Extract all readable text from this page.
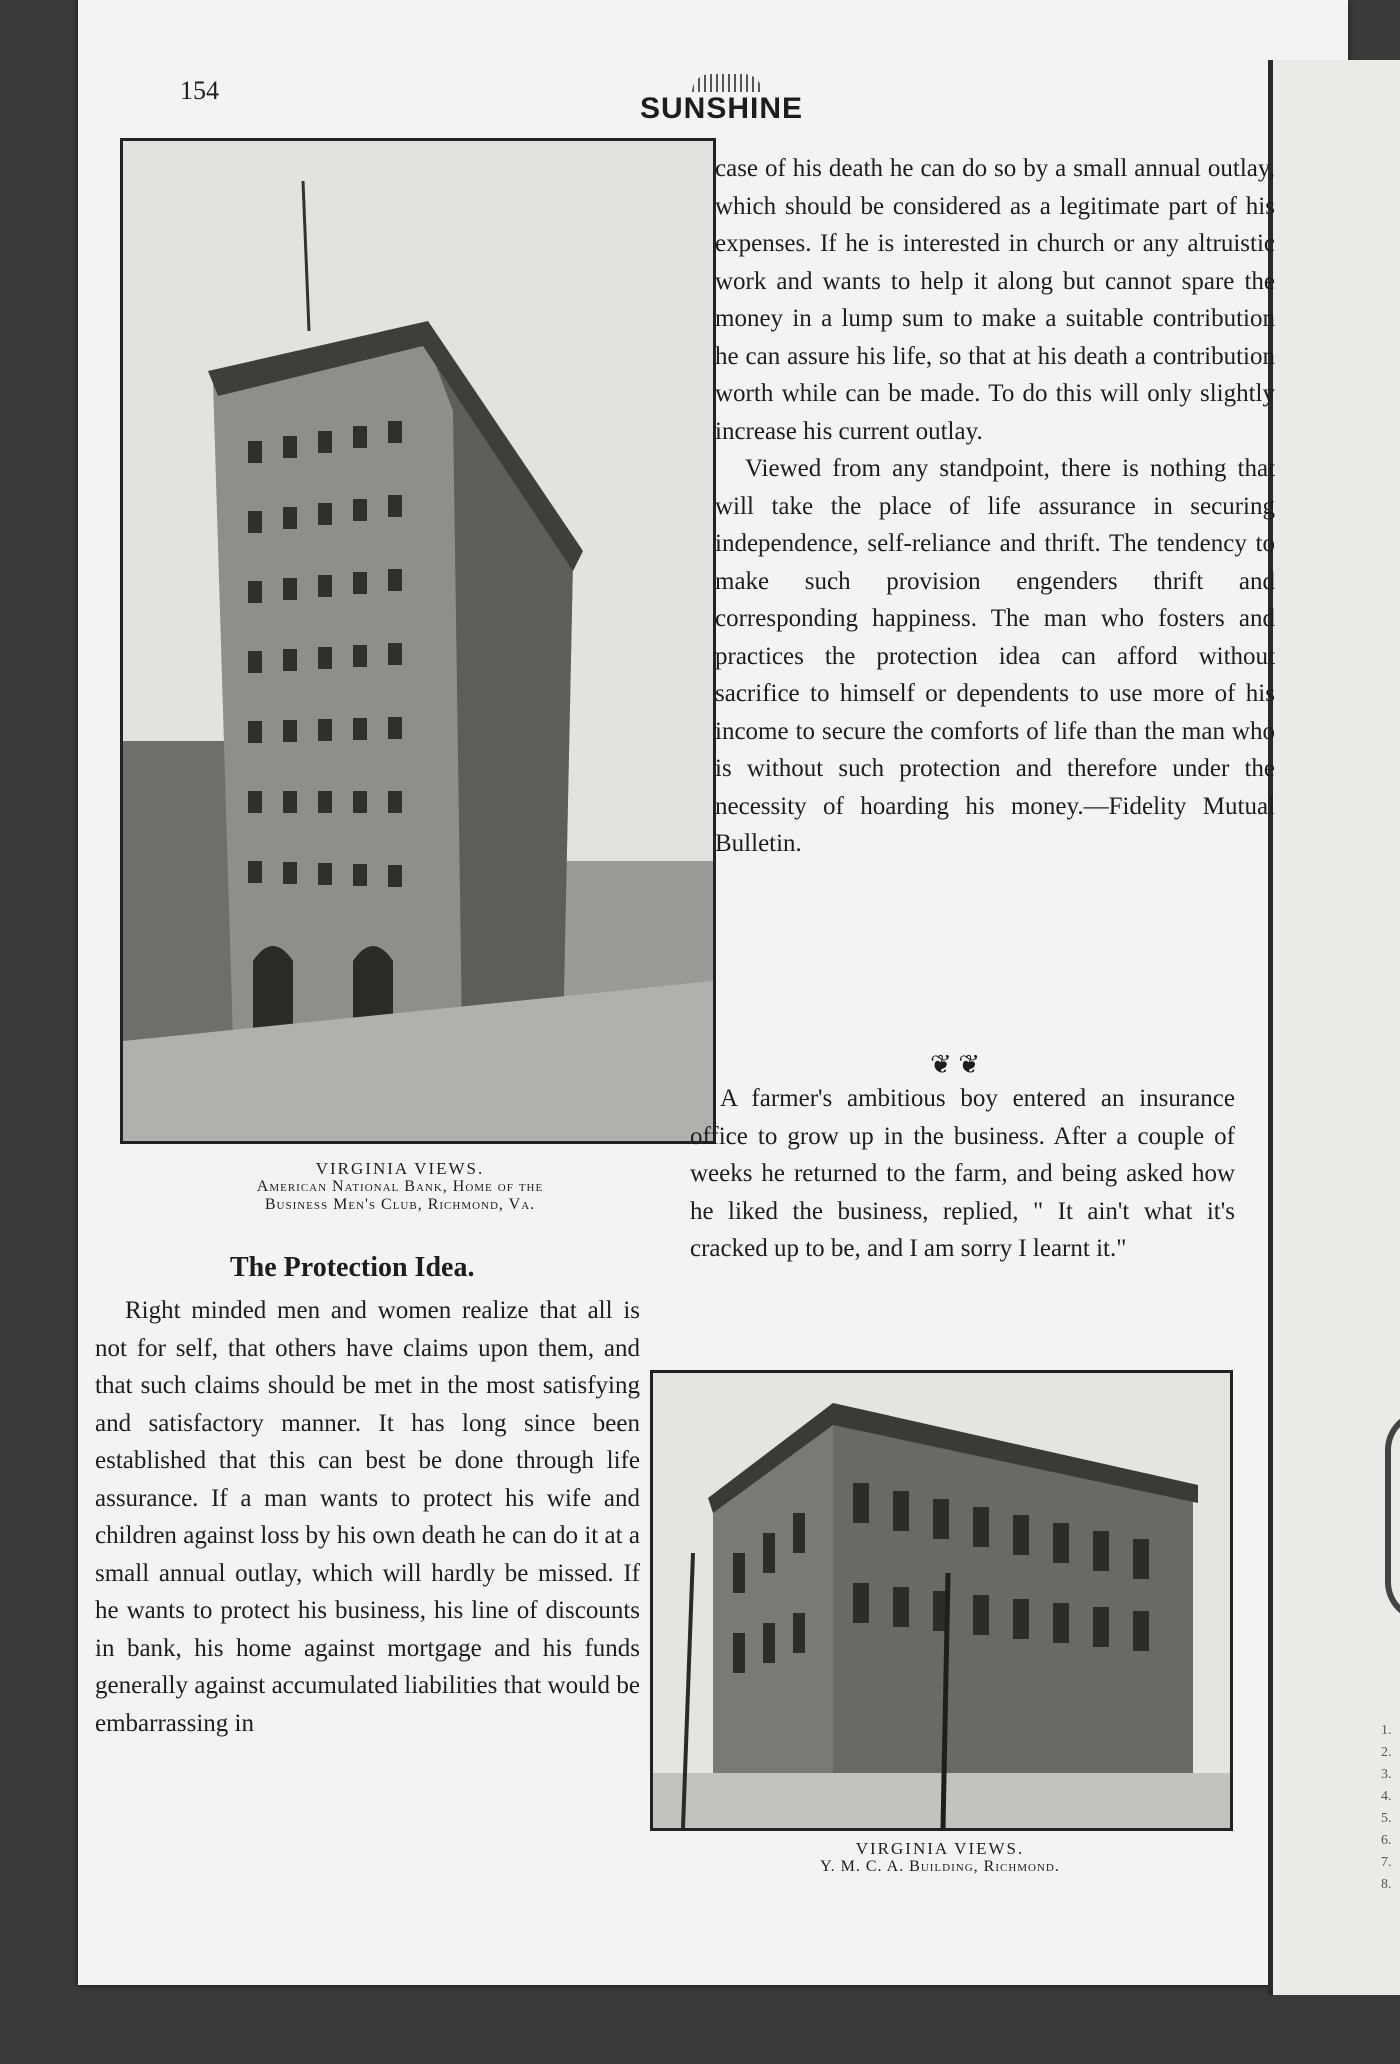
1.
2.
3.
4.
5.
6.
7.
8.
154
SUNSHINE
VIRGINIA VIEWS.
American National Bank, Home of the
Business Men's Club, Richmond, Va.
The Protection Idea.

Right minded men and women realize that all is not for self, that others have claims upon them, and that such claims should be met in the most satisfying and satisfactory manner. It has long since been established that this can best be done through life assurance. If a man wants to protect his wife and children against loss by his own death he can do it at a small annual outlay, which will hardly be missed. If he wants to protect his business, his line of discounts in bank, his home against mortgage and his funds generally against accumulated liabilities that would be embarrassing in

case of his death he can do so by a small annual outlay, which should be considered as a legitimate part of his expenses. If he is interested in church or any altruistic work and wants to help it along but cannot spare the money in a lump sum to make a suitable contribution he can assure his life, so that at his death a contribution worth while can be made. To do this will only slightly increase his current outlay.

Viewed from any standpoint, there is nothing that will take the place of life assurance in securing independence, self-reliance and thrift. The tendency to make such provision engenders thrift and corresponding happiness. The man who fosters and practices the protection idea can afford without sacrifice to himself or dependents to use more of his income to secure the comforts of life than the man who is without such protection and therefore under the necessity of hoarding his money.—Fidelity Mutual Bulletin.

❦ ❦

A farmer's ambitious boy entered an insurance office to grow up in the business. After a couple of weeks he returned to the farm, and being asked how he liked the business, replied, " It ain't what it's cracked up to be, and I am sorry I learnt it."

VIRGINIA VIEWS.
Y. M. C. A. Building, Richmond.
